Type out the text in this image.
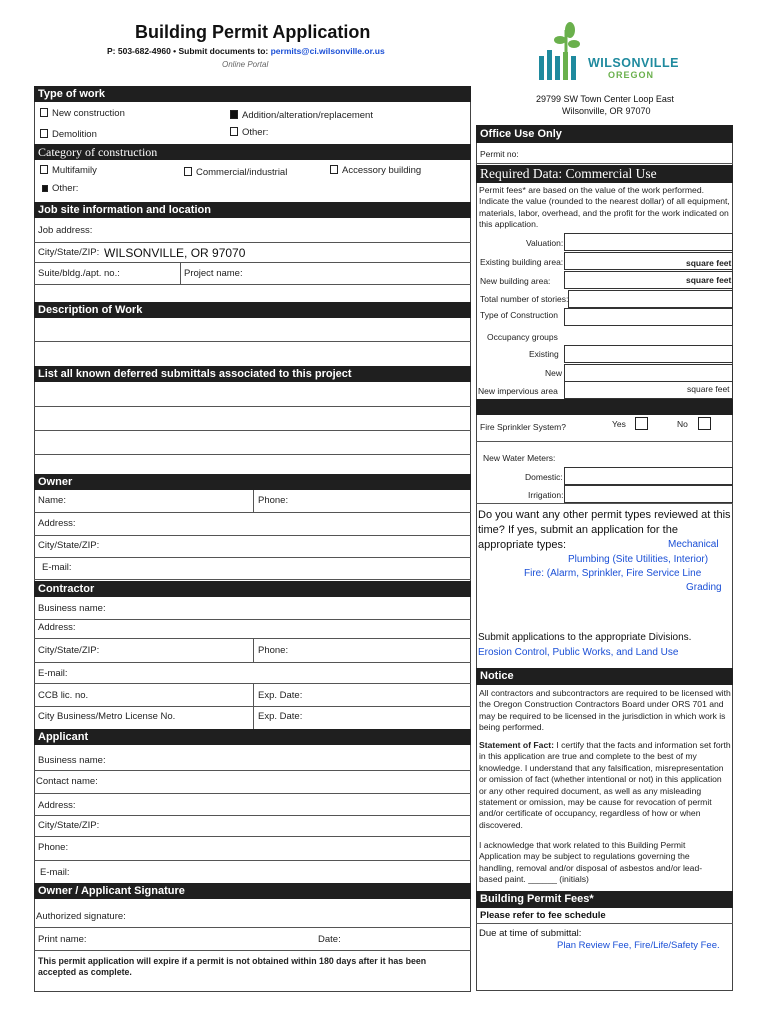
Building Permit Application
P: 503-682-4960 • Submit documents to: permits@ci.wilsonville.or.us
Online Portal	WILSONVILLE
OREGON
29799 SW Town Center Loop East
Wilsonville, OR 97070
Type of work
New construction	Addition/alteration/replacement
Demolition	Other:
Category of construction
Multifamily	Commercial/industrial	Accessory building
Other:
Job site information and location
Job address:
City/State/ZIP: WILSONVILLE, OR 97070
Suite/bldg./apt. no.:	Project name:
Description of Work
List all known deferred submittals associated to this project
Owner
Name:	Phone:
Address:
City/State/ZIP:
E-mail:
Contractor
Business name:
Address:
City/State/ZIP:	Phone:
E-mail:
CCB lic. no.	Exp. Date:
City Business/Metro License No.	Exp. Date:
Applicant
Business name:
Contact name:
Address:
City/State/ZIP:
Phone:
E-mail:
Owner / Applicant Signature
Authorized signature:
Print name:	Date:
This permit application will expire if a permit is not obtained within 180 days after it has been accepted as complete.
Office Use Only
Permit no:
Required Data: Commercial Use
Permit fees* are based on the value of the work performed. Indicate the value (rounded to the nearest dollar) of all equipment, materials, labor, overhead, and the profit for the work indicated on this application.
Valuation:
Existing building area:	square feet
New building area:	square feet
Total number of stories:
Type of Construction
Occupancy groups
Existing
New
New impervious area	square feet
Fire Sprinkler System?	Yes	No
New Water Meters:
Domestic:
Irrigation:
Do you want any other permit types reviewed at this time? If yes, submit an application for the appropriate types:	Mechanical
Plumbing (Site Utilities, Interior)
Fire: (Alarm, Sprinkler, Fire Service Line
Grading
Submit applications to the appropriate Divisions.
Erosion Control, Public Works, and Land Use
Notice
All contractors and subcontractors are required to be licensed with the Oregon Construction Contractors Board under ORS 701 and may be required to be licensed in the jurisdiction in which work is being performed.
Statement of Fact: I certify that the facts and information set forth in this application are true and complete to the best of my knowledge. I understand that any falsification, misrepresentation or omission of fact (whether intentional or not) in this application or any other required document, as well as any misleading statement or omission, may be cause for revocation of permit and/or certificate of occupancy, regardless of how or when discovered.
I acknowledge that work related to this Building Permit Application may be subject to regulations governing the handling, removal and/or disposal of asbestos and/or lead-based paint. ______ (initials)
Building Permit Fees*
Please refer to fee schedule
Due at time of submittal:
Plan Review Fee, Fire/Life/Safety Fee.
